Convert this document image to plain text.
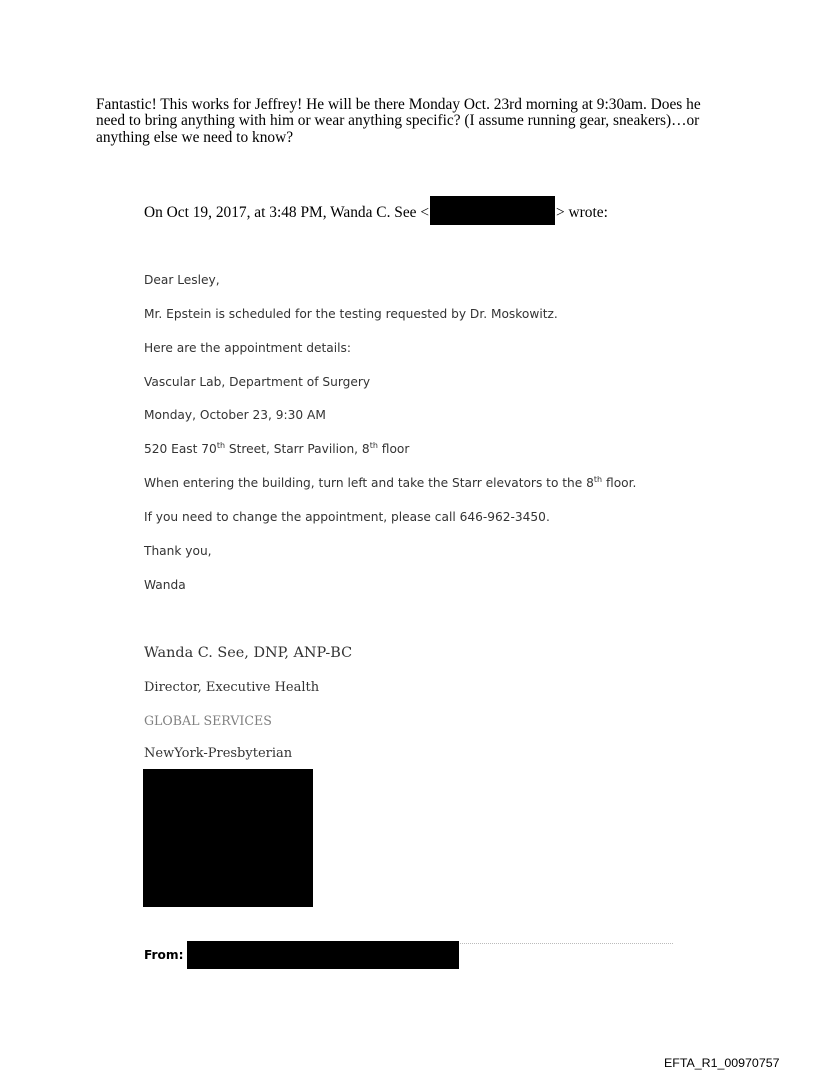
Fantastic! This works for Jeffrey! He will be there Monday Oct. 23rd morning at 9:30am. Does he need to bring anything with him or wear anything specific? (I assume running gear, sneakers)…or anything else we need to know?
On Oct 19, 2017, at 3:48 PM, Wanda C. See <	> wrote:
Dear Lesley,
Mr. Epstein is scheduled for the testing requested by Dr. Moskowitz.
Here are the appointment details:
Vascular Lab, Department of Surgery
Monday, October 23, 9:30 AM
520 East 70th Street, Starr Pavilion, 8th floor
When entering the building, turn left and take the Starr elevators to the 8th floor.
If you need to change the appointment, please call 646-962-3450.
Thank you,
Wanda
Wanda C. See, DNP, ANP-BC
Director, Executive Health
GLOBAL SERVICES
NewYork-Presbyterian
From:
EFTA_R1_00970757
